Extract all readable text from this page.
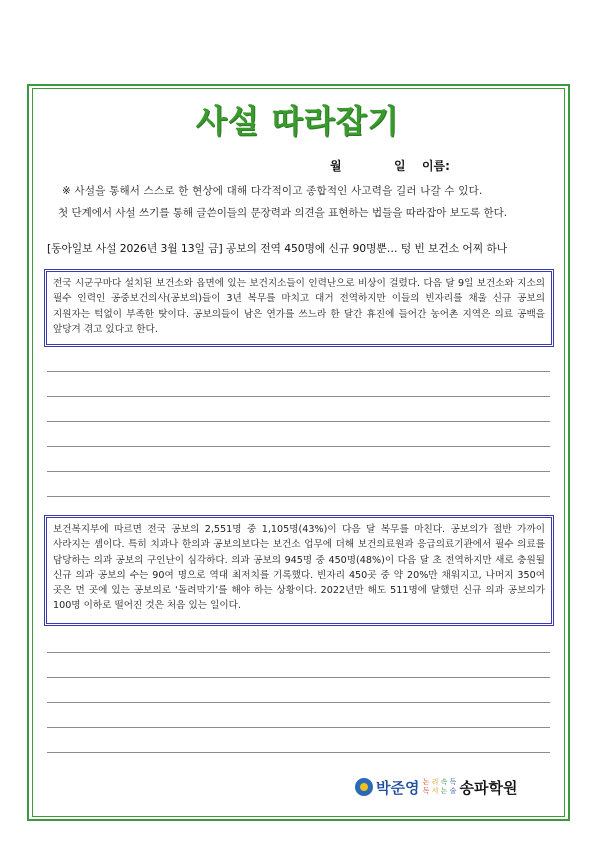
사설 따라잡기
월	일 이름:
※ 사설을 통해서 스스로 한 현상에 대해 다각적이고 종합적인 사고력을 길러 나갈 수 있다.
첫 단계에서 사설 쓰기를 통해 글쓴이들의 문장력과 의견을 표현하는 법들을 따라잡아 보도록 한다.
[동아일보 사설 2026년 3월 13일 금] 공보의 전역 450명에 신규 90명뿐… 텅 빈 보건소 어찌 하나
전국 시군구마다 설치된 보건소와 읍면에 있는 보건지소들이 인력난으로 비상이 걸렸다. 다음 달 9일 보건소와 지소의 필수 인력인 공중보건의사(공보의)들이 3년 복무를 마치고 대거 전역하지만 이들의 빈자리를 채울 신규 공보의 지원자는 턱없이 부족한 탓이다. 공보의들이 남은 연가를 쓰느라 한 달간 휴진에 들어간 농어촌 지역은 의료 공백을 앞당겨 겪고 있다고 한다.
보건복지부에 따르면 전국 공보의 2,551명 중 1,105명(43%)이 다음 달 복무를 마친다. 공보의가 절반 가까이 사라지는 셈이다. 특히 치과나 한의과 공보의보다는 보건소 업무에 더해 보건의료원과 응급의료기관에서 필수 의료를 담당하는 의과 공보의 구인난이 심각하다. 의과 공보의 945명 중 450명(48%)이 다음 달 초 전역하지만 새로 충원될 신규 의과 공보의 수는 90여 명으로 역대 최저치를 기록했다. 빈자리 450곳 중 약 20%만 채워지고, 나머지 350여 곳은 먼 곳에 있는 공보의로 ‘돌려막기’를 해야 하는 상황이다. 2022년만 해도 511명에 달했던 신규 의과 공보의가 100명 이하로 떨어진 것은 처음 있는 일이다.
박준영 논 리 속 독
독 서 논 술 송파학원
